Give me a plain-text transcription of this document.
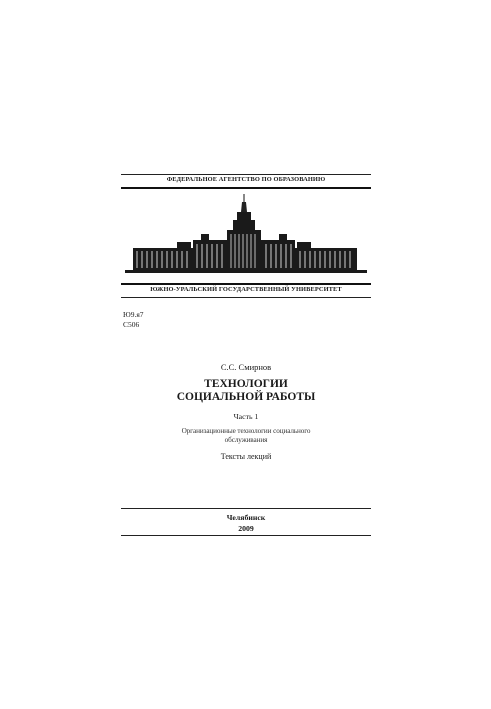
ФЕДЕРАЛЬНОЕ АГЕНТСТВО ПО ОБРАЗОВАНИЮ
ЮЖНО-УРАЛЬСКИЙ ГОСУДАРСТВЕННЫЙ УНИВЕРСИТЕТ
Ю9.я7
С506
С.С. Смирнов
ТЕХНОЛОГИИ
СОЦИАЛЬНОЙ РАБОТЫ
Часть 1
Организационные технологии социального
обслуживания
Тексты лекций
Челябинск
2009
